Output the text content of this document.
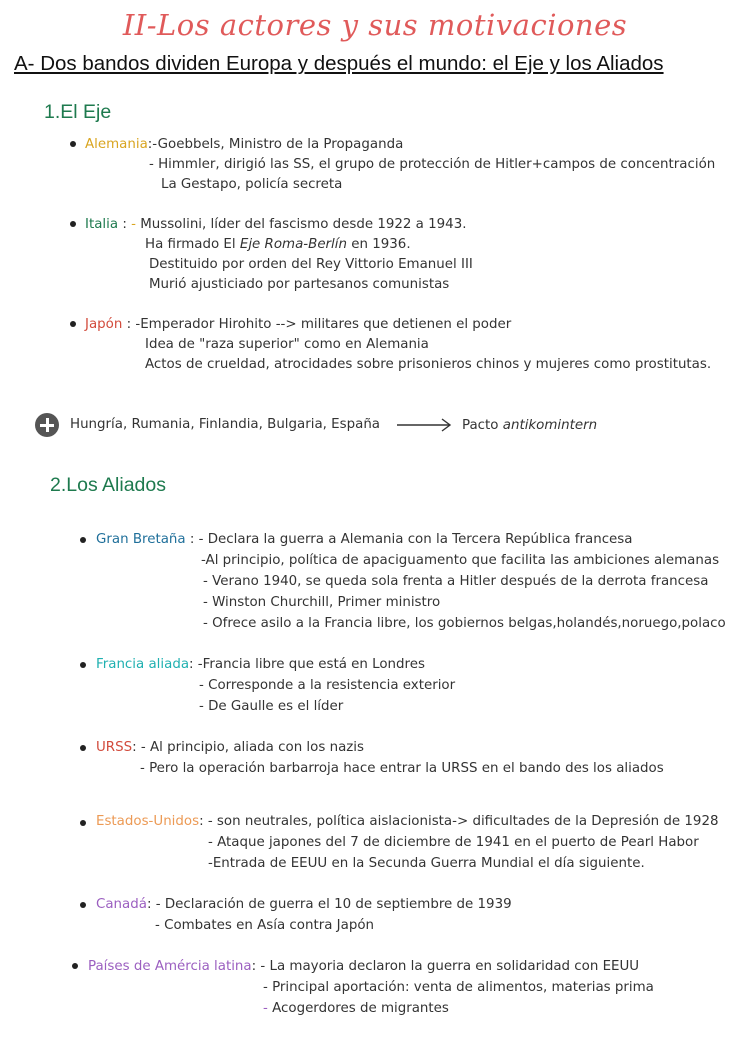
II-Los actores y sus motivaciones
A- Dos bandos dividen Europa y después el mundo: el Eje y los Aliados
1.El Eje
Alemania:-Goebbels, Ministro de la Propaganda
- Himmler, dirigió las SS, el grupo de protección de Hitler+campos de concentración
La Gestapo, policía secreta
Italia : - Mussolini, líder del fascismo desde 1922 a 1943.
Ha firmado El Eje Roma-Berlín en 1936.
Destituido por orden del Rey Vittorio Emanuel III
Murió ajusticiado por partesanos comunistas
Japón : -Emperador Hirohito --> militares que detienen el poder
Idea de "raza superior" como en Alemania
Actos de crueldad, atrocidades sobre prisonieros chinos y mujeres como prostitutas.
Hungría, Rumania, Finlandia, Bulgaria, España	Pacto antikomintern
2.Los Aliados
Gran Bretaña : - Declara la guerra a Alemania con la Tercera República francesa
-Al principio, política de apaciguamento que facilita las ambiciones alemanas
- Verano 1940, se queda sola frenta a Hitler después de la derrota francesa
- Winston Churchill, Primer ministro
- Ofrece asilo a la Francia libre, los gobiernos belgas,holandés,noruego,polaco
Francia aliada: -Francia libre que está en Londres
- Corresponde a la resistencia exterior
- De Gaulle es el líder
URSS: - Al principio, aliada con los nazis
- Pero la operación barbarroja hace entrar la URSS en el bando des los aliados
Estados-Unidos: - son neutrales, política aislacionista-> dificultades de la Depresión de 1928
- Ataque japones del 7 de diciembre de 1941 en el puerto de Pearl Habor
-Entrada de EEUU en la Secunda Guerra Mundial el día siguiente.
Canadá: - Declaración de guerra el 10 de septiembre de 1939
- Combates en Asía contra Japón
Países de Amércia latina: - La mayoria declaron la guerra en solidaridad con EEUU
- Principal aportación: venta de alimentos, materias prima
- Acogerdores de migrantes
